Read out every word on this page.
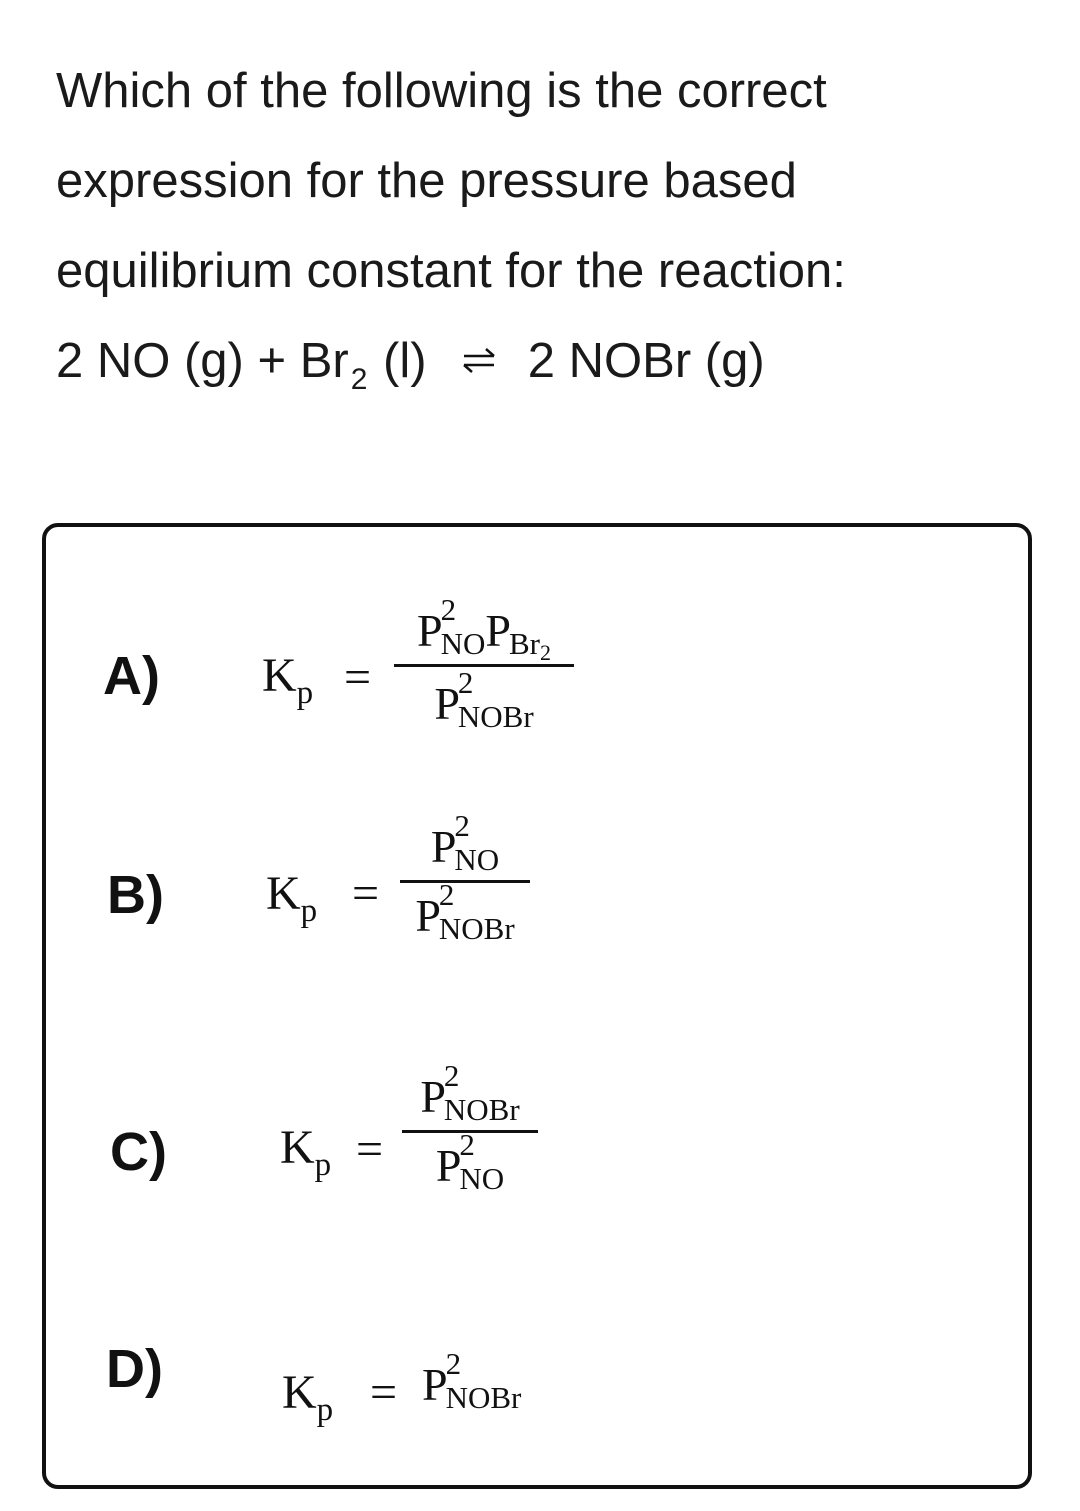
Which of the following is the correct
expression for the pressure based
equilibrium constant for the reaction:
2 NO $(g) + Br_2$ (l) ⇌ 2 NOBr (g)
A) $K_p$ =
P
2
NOPBr2
P
2
NOBr
B) $K_p$ =
P
2
NO
P
2
NOBr
C) $K_p$ =
P
2
NOBr
P
2
NO
D) $K_p = P$
2
NOBr
